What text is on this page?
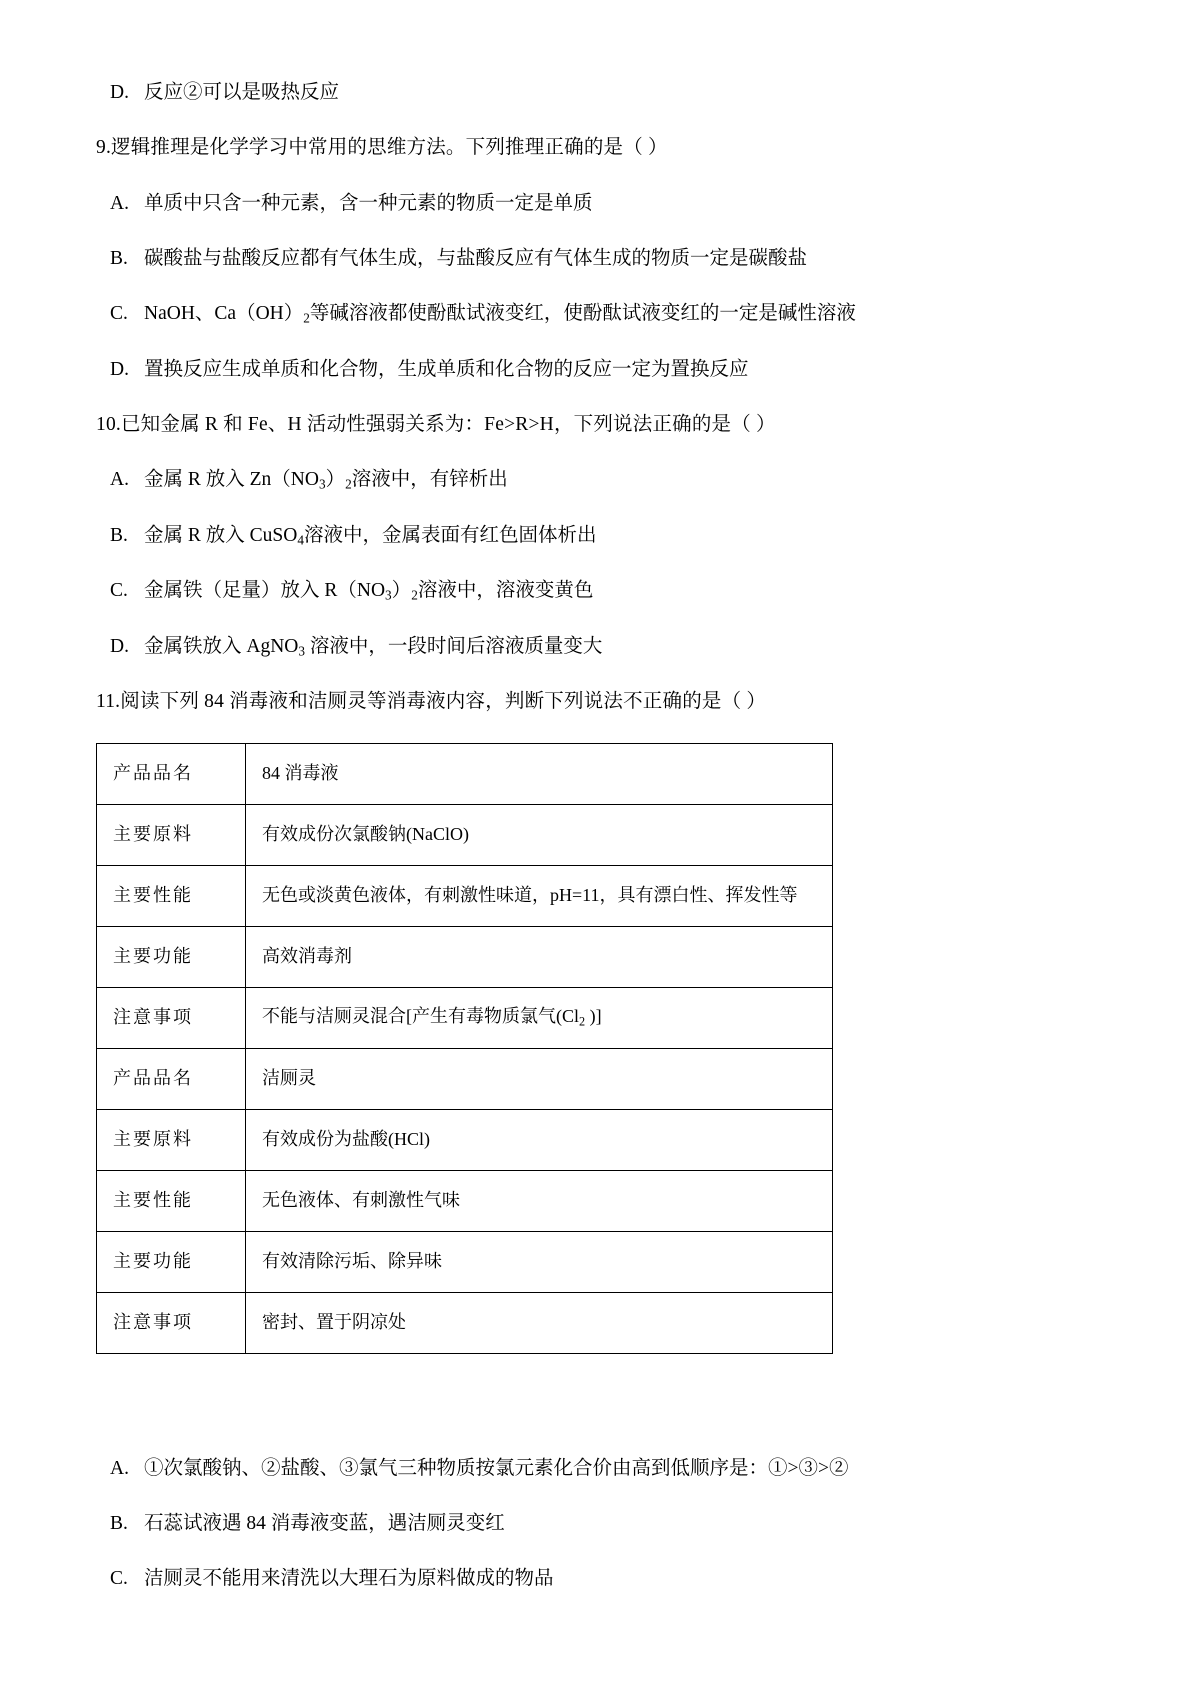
D. 反应②可以是吸热反应

9.逻辑推理是化学学习中常用的思维方法。下列推理正确的是（ ）

A. 单质中只含一种元素，含一种元素的物质一定是单质
B. 碳酸盐与盐酸反应都有气体生成，与盐酸反应有气体生成的物质一定是碳酸盐
C. NaOH、$Ca(OH)_2$等碱溶液都使酚酞试液变红，使酚酞试液变红的一定是碱性溶液
D. 置换反应生成单质和化合物，生成单质和化合物的反应一定为置换反应

10.已知金属 R 和 Fe、H 活动性强弱关系为：Fe>R>H，下列说法正确的是（ ）

A. 金属 R 放入 $Zn(NO_3)_2$溶液中，有锌析出
B. 金属 R 放入 CuSO$_4$溶液中，金属表面有红色固体析出
C. 金属铁（足量）放入 $R(NO_3)_2$溶液中，溶液变黄色
D. 金属铁放入 AgNO$_3$ 溶液中，一段时间后溶液质量变大

11.阅读下列 84 消毒液和洁厕灵等消毒液内容，判断下列说法不正确的是（ ）

产品品名	84 消毒液
主要原料	有效成份次氯酸钠(NaClO)
主要性能	无色或淡黄色液体，有刺激性味道，pH=11，具有漂白性、挥发性等
主要功能	高效消毒剂
注意事项	不能与洁厕灵混合[产生有毒物质氯气($Cl_2$ )]
产品品名	洁厕灵
主要原料	有效成份为盐酸(HCl)
主要性能	无色液体、有刺激性气味
主要功能	有效清除污垢、除异味
注意事项	密封、置于阴凉处
A. ①次氯酸钠、②盐酸、③氯气三种物质按氯元素化合价由高到低顺序是：①>③>②
B. 石蕊试液遇 84 消毒液变蓝，遇洁厕灵变红
C. 洁厕灵不能用来清洗以大理石为原料做成的物品
